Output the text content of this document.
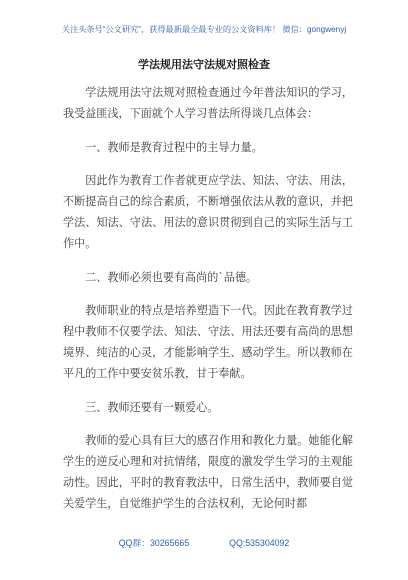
关注头条号“公文研究”，获得最新最全最专业的公文资料库！ 微信：gongwenyj
学法规用法守法规对照检查

学法规用法守法规对照检查通过今年普法知识的学习，我受益匪浅，下面就个人学习普法所得谈几点体会：

一、教师是教育过程中的主导力量。

因此作为教育工作者就更应学法、知法、守法、用法，不断提高自己的综合素质，不断增强依法从教的意识，并把学法、知法、守法、用法的意识贯彻到自己的实际生活与工作中。

二、教师必须也要有高尚的`品德。

教师职业的特点是培养塑造下一代。因此在教育教学过程中教师不仅要学法、知法、守法、用法还要有高尚的思想境界、纯洁的心灵，才能影响学生、感动学生。所以教师在平凡的工作中要安贫乐教，甘于奉献。

三、教师还要有一颗爱心。

教师的爱心具有巨大的感召作用和教化力量。她能化解学生的逆反心理和对抗情绪，限度的激发学生学习的主观能动性。因此，平时的教育教法中，日常生活中，教师要自觉关爱学生，自觉维护学生的合法权利，无论何时都

QQ群：30265665	QQ:535304092
